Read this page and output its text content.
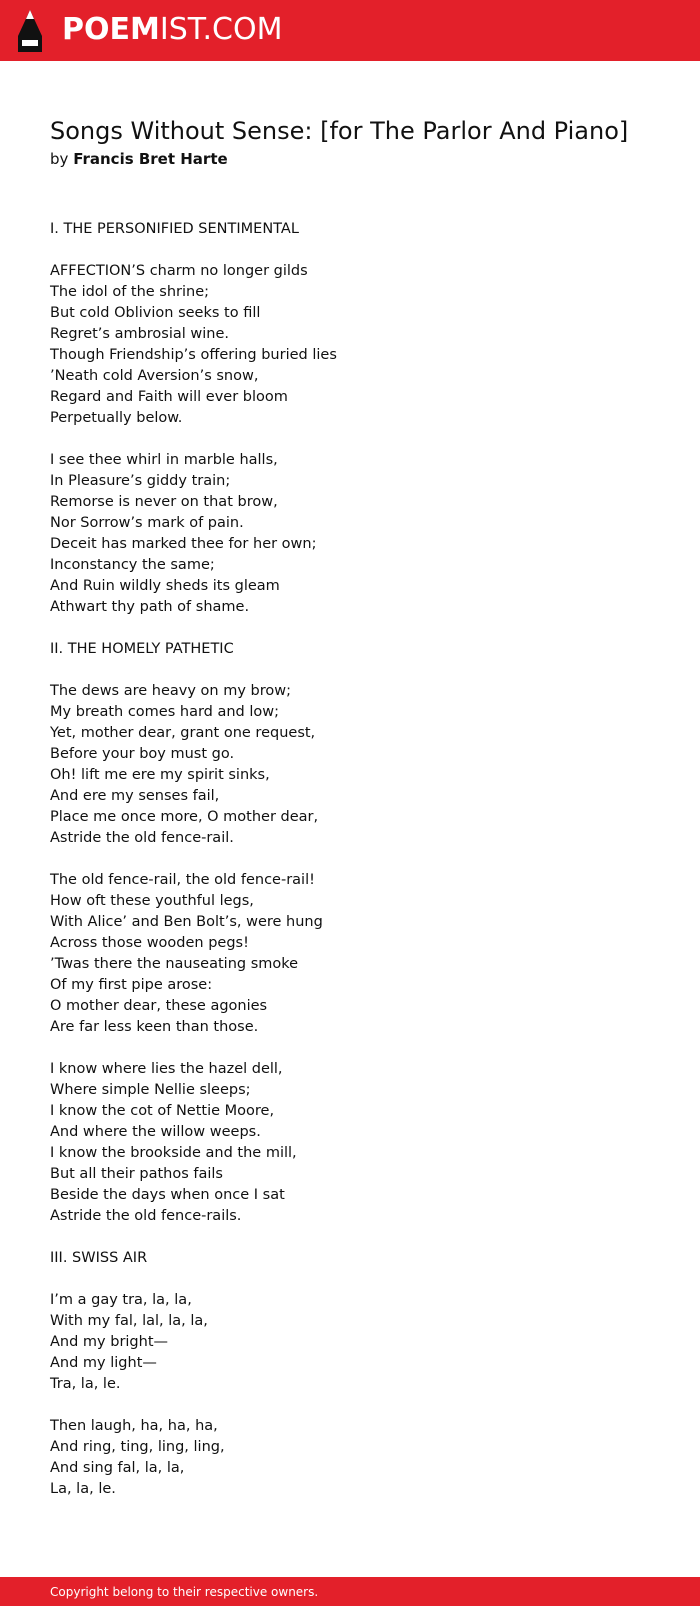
POEMIST.COM
Songs Without Sense: [for The Parlor And Piano]
by Francis Bret Harte
I. THE PERSONIFIED SENTIMENTAL
AFFECTION’S charm no longer gilds
The idol of the shrine;
But cold Oblivion seeks to fill
Regret’s ambrosial wine.
Though Friendship’s offering buried lies
’Neath cold Aversion’s snow,
Regard and Faith will ever bloom
Perpetually below.
I see thee whirl in marble halls,
In Pleasure’s giddy train;
Remorse is never on that brow,
Nor Sorrow’s mark of pain.
Deceit has marked thee for her own;
Inconstancy the same;
And Ruin wildly sheds its gleam
Athwart thy path of shame.
II. THE HOMELY PATHETIC
The dews are heavy on my brow;
My breath comes hard and low;
Yet, mother dear, grant one request,
Before your boy must go.
Oh! lift me ere my spirit sinks,
And ere my senses fail,
Place me once more, O mother dear,
Astride the old fence-rail.
The old fence-rail, the old fence-rail!
How oft these youthful legs,
With Alice’ and Ben Bolt’s, were hung
Across those wooden pegs!
’Twas there the nauseating smoke
Of my first pipe arose:
O mother dear, these agonies
Are far less keen than those.
I know where lies the hazel dell,
Where simple Nellie sleeps;
I know the cot of Nettie Moore,
And where the willow weeps.
I know the brookside and the mill,
But all their pathos fails
Beside the days when once I sat
Astride the old fence-rails.
III. SWISS AIR
I’m a gay tra, la, la,
With my fal, lal, la, la,
And my bright—
And my light—
Tra, la, le.
Then laugh, ha, ha, ha,
And ring, ting, ling, ling,
And sing fal, la, la,
La, la, le.
Copyright belong to their respective owners.
